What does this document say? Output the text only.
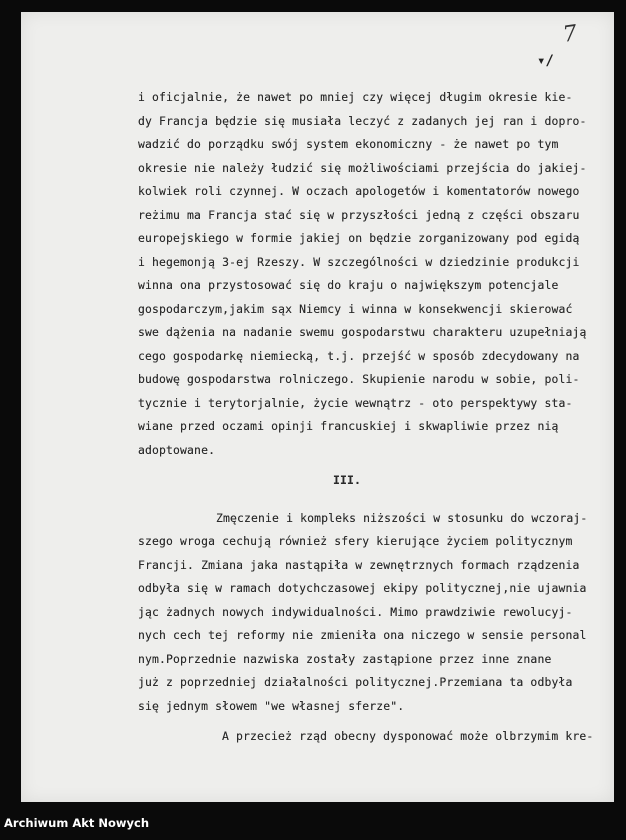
7
▾/
i oficjalnie, że nawet po mniej czy więcej długim okresie kie-
dy Francja będzie się musiała leczyć z zadanych jej ran i dopro-
wadzić do porządku swój system ekonomiczny - że nawet po tym
okresie nie należy łudzić się możliwościami przejścia do jakiej-
kolwiek roli czynnej. W oczach apologetów i komentatorów nowego
reżimu ma Francja stać się w przyszłości jedną z części obszaru
europejskiego w formie jakiej on będzie zorganizowany pod egidą
i hegemonją 3-ej Rzeszy. W szczególności w dziedzinie produkcji
winna ona przystosować się do kraju o największym potencjale
gospodarczym,jakim sąx Niemcy i winna w konsekwencji skierować
swe dążenia na nadanie swemu gospodarstwu charakteru uzupełniają
cego gospodarkę niemiecką, t.j. przejść w sposób zdecydowany na
budowę gospodarstwa rolniczego. Skupienie narodu w sobie, poli-
tycznie i terytorjalnie, życie wewnątrz - oto perspektywy sta-
wiane przed oczami opinji francuskiej i skwapliwie przez nią
adoptowane.
III.
Zmęczenie i kompleks niższości w stosunku do wczoraj-
szego wroga cechują również sfery kierujące życiem politycznym
Francji. Zmiana jaka nastąpiła w zewnętrznych formach rządzenia
odbyła się w ramach dotychczasowej ekipy politycznej,nie ujawnia
jąc żadnych nowych indywidualności. Mimo prawdziwie rewolucyj-
nych cech tej reformy nie zmieniła ona niczego w sensie personal
nym.Poprzednie nazwiska zostały zastąpione przez inne znane
już z poprzedniej działalności politycznej.Przemiana ta odbyła
się jednym słowem "we własnej sferze".
A przecież rząd obecny dysponować może olbrzymim kre-
Archiwum Akt Nowych
